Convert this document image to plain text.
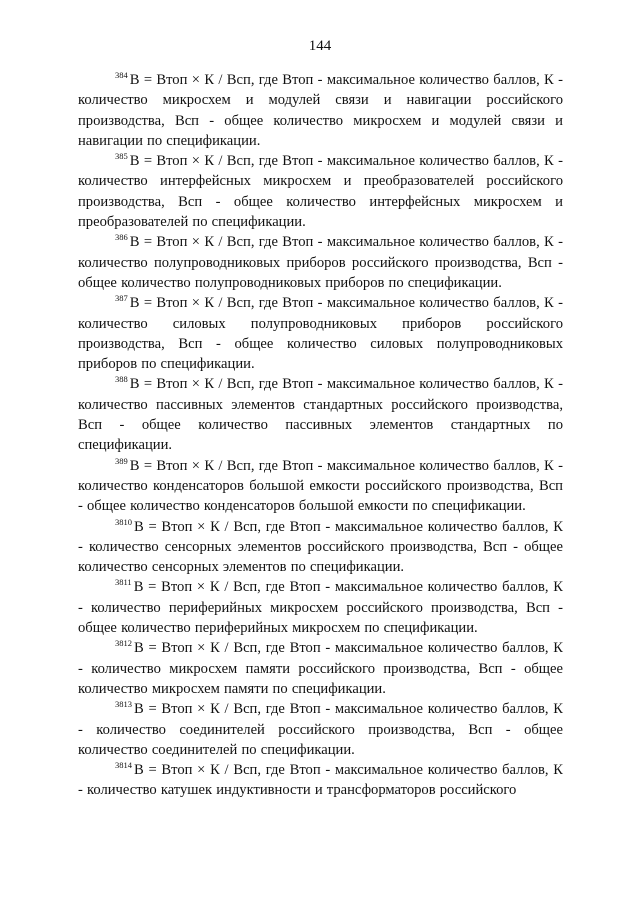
144

$^{384}$ В = Втоп × К / Всп, где Втоп - максимальное количество баллов, К - количество микросхем и модулей связи и навигации российского производства, Всп - общее количество микросхем и модулей связи и навигации по спецификации.

$^{385}$ В = Втоп × К / Всп, где Втоп - максимальное количество баллов, К - количество интерфейсных микросхем и преобразователей российского производства, Всп - общее количество интерфейсных микросхем и преобразователей по спецификации.

$^{386}$ В = Втоп × К / Всп, где Втоп - максимальное количество баллов, К - количество полупроводниковых приборов российского производства, Всп - общее количество полупроводниковых приборов по спецификации.

$^{387}$ В = Втоп × К / Всп, где Втоп - максимальное количество баллов, К - количество силовых полупроводниковых приборов российского производства, Всп - общее количество силовых полупроводниковых приборов по спецификации.

$^{388}$ В = Втоп × К / Всп, где Втоп - максимальное количество баллов, К - количество пассивных элементов стандартных российского производства, Всп - общее количество пассивных элементов стандартных по спецификации.

$^{389}$ В = Втоп × К / Всп, где Втоп - максимальное количество баллов, К - количество конденсаторов большой емкости российского производства, Всп - общее количество конденсаторов большой емкости по спецификации.

$^{3810}$ В = Втоп × К / Всп, где Втоп - максимальное количество баллов, К - количество сенсорных элементов российского производства, Всп - общее количество сенсорных элементов по спецификации.

$^{3811}$ В = Втоп × К / Всп, где Втоп - максимальное количество баллов, К - количество периферийных микросхем российского производства, Всп - общее количество периферийных микросхем по спецификации.

$^{3812}$ В = Втоп × К / Всп, где Втоп - максимальное количество баллов, К - количество микросхем памяти российского производства, Всп - общее количество микросхем памяти по спецификации.

$^{3813}$ В = Втоп × К / Всп, где Втоп - максимальное количество баллов, К - количество соединителей российского производства, Всп - общее количество соединителей по спецификации.

$^{3814}$ В = Втоп × К / Всп, где Втоп - максимальное количество баллов, К - количество катушек индуктивности и трансформаторов российского
